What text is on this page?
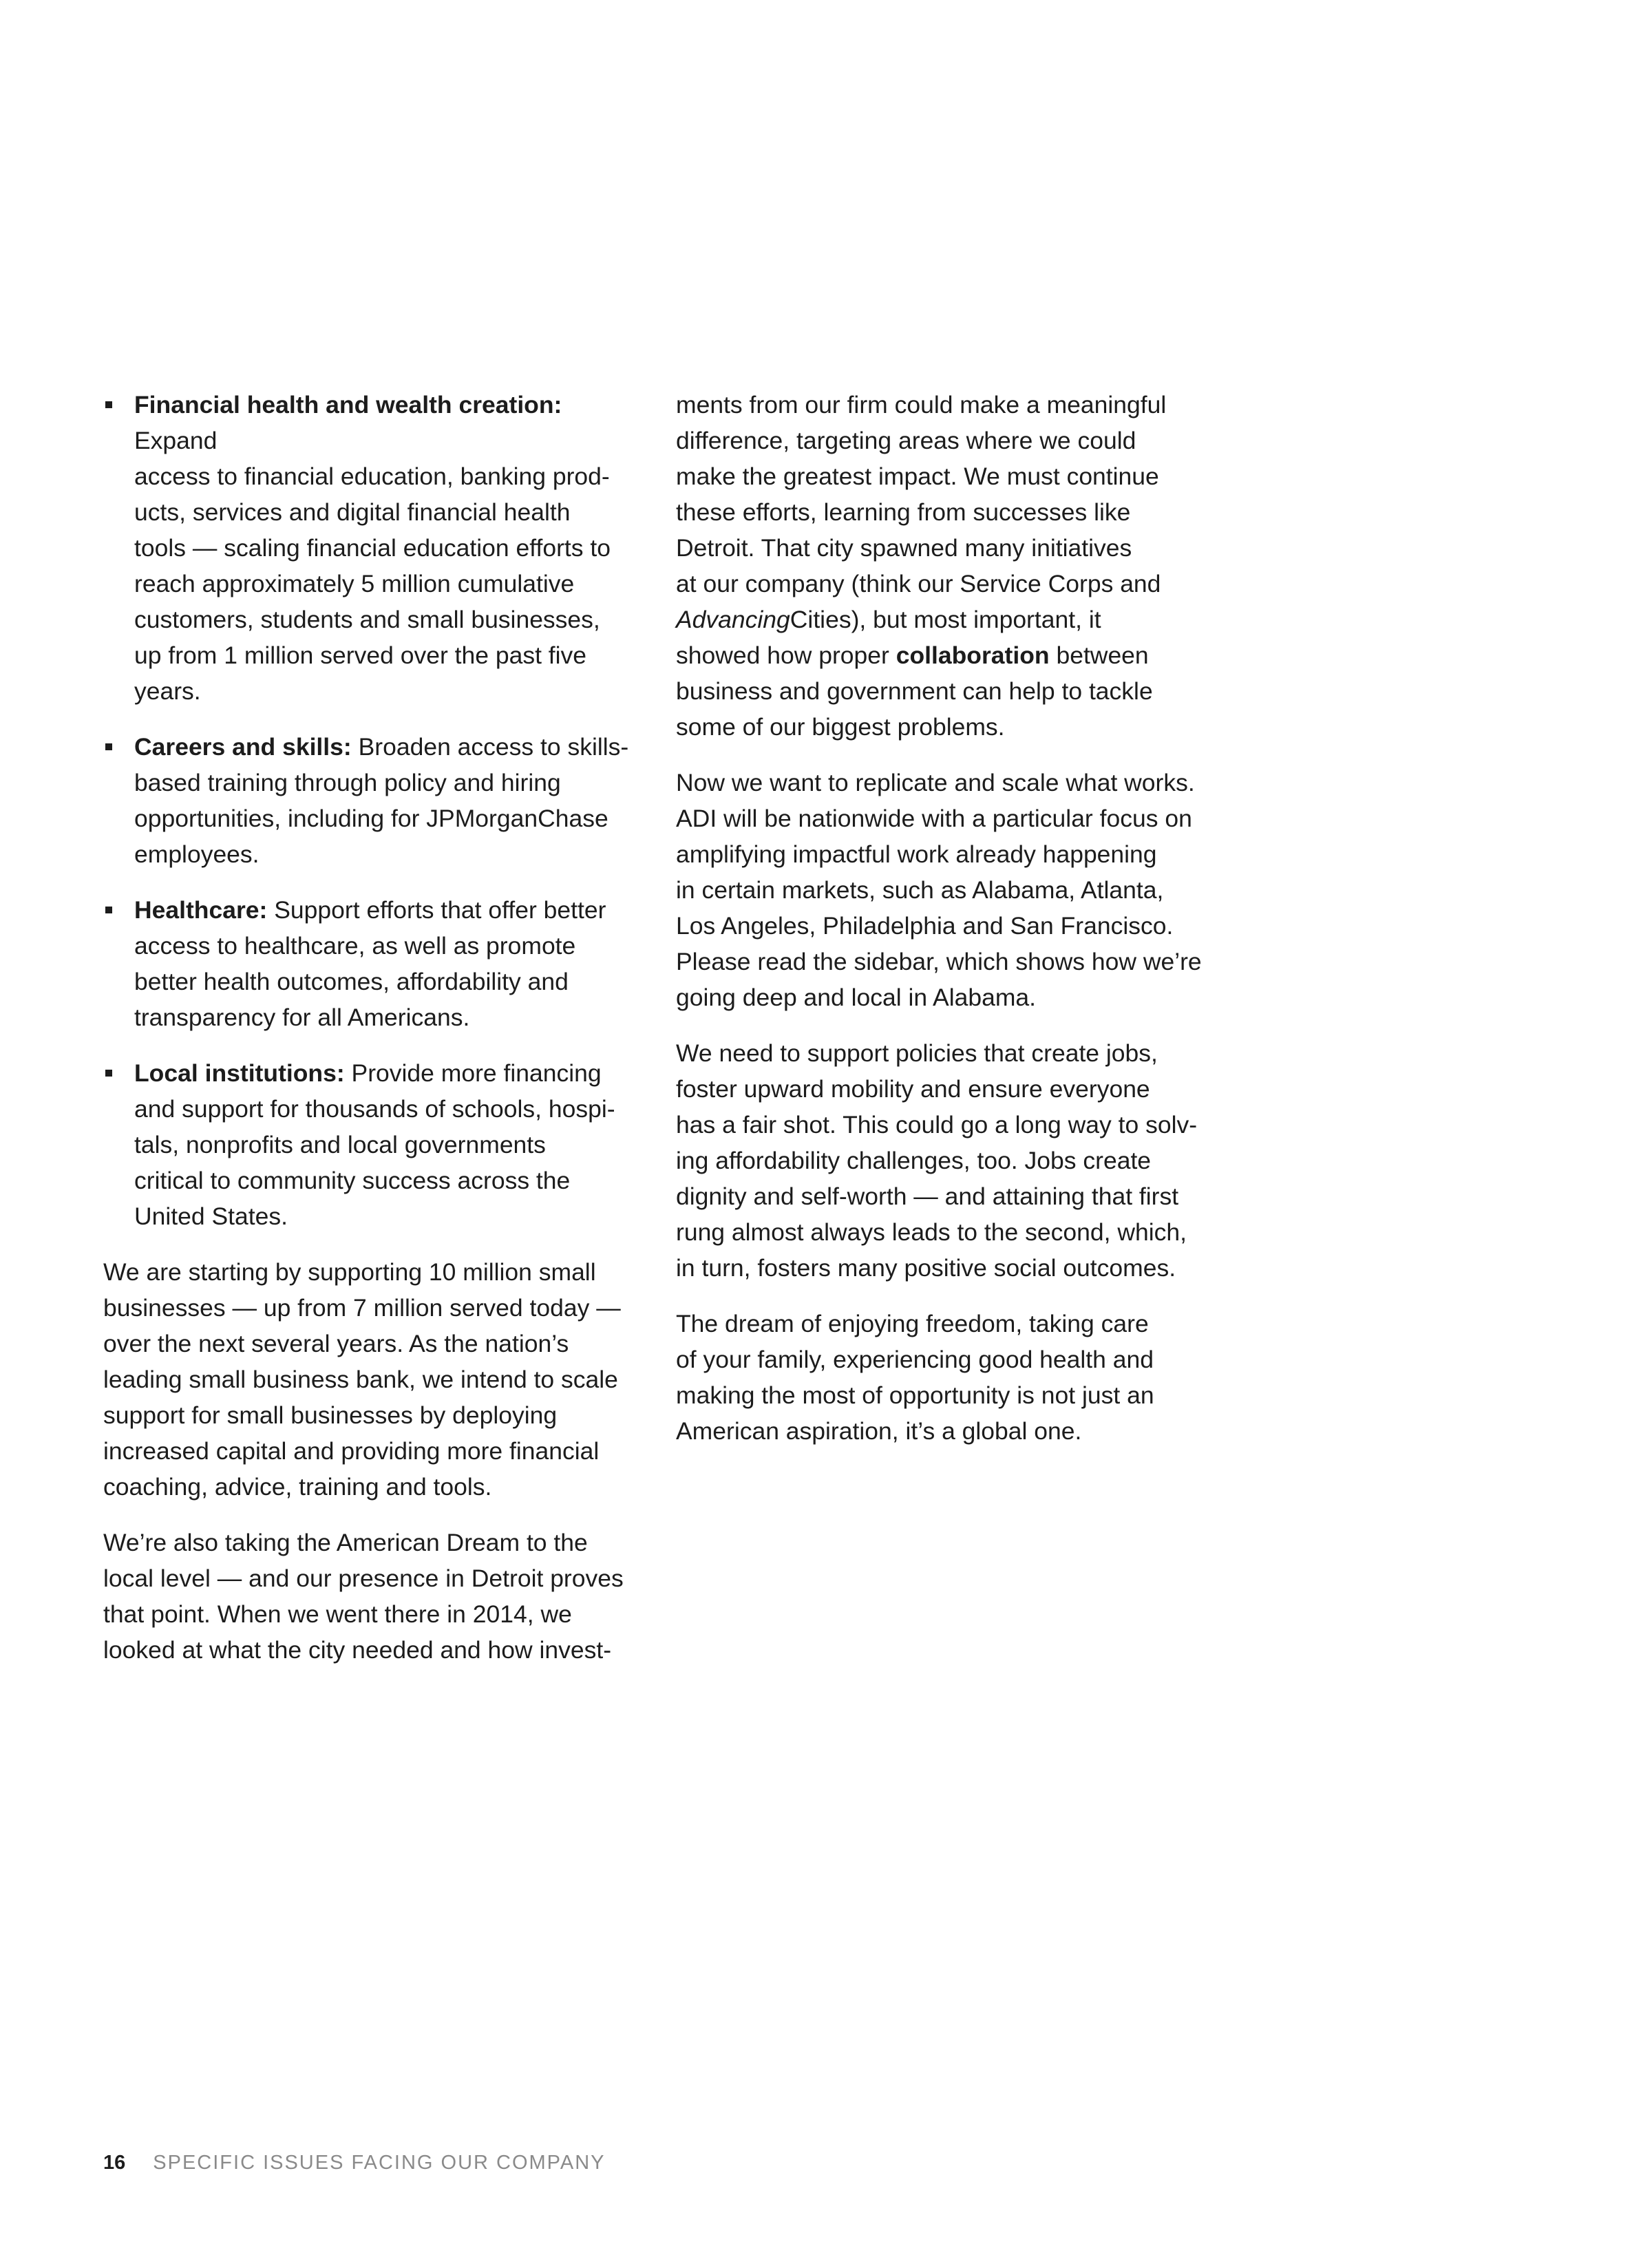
Financial health and wealth creation: Expand
access to financial education, banking prod-
ucts, services and digital financial health
tools — scaling financial education efforts to
reach approximately 5 million cumulative
customers, students and small businesses,
up from 1 million served over the past five
years.
Careers and skills: Broaden access to skills-
based training through policy and hiring
opportunities, including for JPMorganChase
employees.
Healthcare: Support efforts that offer better
access to healthcare, as well as promote
better health outcomes, affordability and
transparency for all Americans.
Local institutions: Provide more financing
and support for thousands of schools, hospi-
tals, nonprofits and local governments
critical to community success across the
United States.

We are starting by supporting 10 million small
businesses — up from 7 million served today —
over the next several years. As the nation’s
leading small business bank, we intend to scale
support for small businesses by deploying
increased capital and providing more financial
coaching, advice, training and tools.

We’re also taking the American Dream to the
local level — and our presence in Detroit proves
that point. When we went there in 2014, we
looked at what the city needed and how invest-

ments from our firm could make a meaningful
difference, targeting areas where we could
make the greatest impact. We must continue
these efforts, learning from successes like
Detroit. That city spawned many initiatives
at our company (think our Service Corps and
AdvancingCities), but most important, it
showed how proper collaboration between
business and government can help to tackle
some of our biggest problems.

Now we want to replicate and scale what works.
ADI will be nationwide with a particular focus on
amplifying impactful work already happening
in certain markets, such as Alabama, Atlanta,
Los Angeles, Philadelphia and San Francisco.
Please read the sidebar, which shows how we’re
going deep and local in Alabama.

We need to support policies that create jobs,
foster upward mobility and ensure everyone
has a fair shot. This could go a long way to solv-
ing affordability challenges, too. Jobs create
dignity and self-worth — and attaining that first
rung almost always leads to the second, which,
in turn, fosters many positive social outcomes.

The dream of enjoying freedom, taking care
of your family, experiencing good health and
making the most of opportunity is not just an
American aspiration, it’s a global one.

16 SPECIFIC ISSUES FACING OUR COMPANY
